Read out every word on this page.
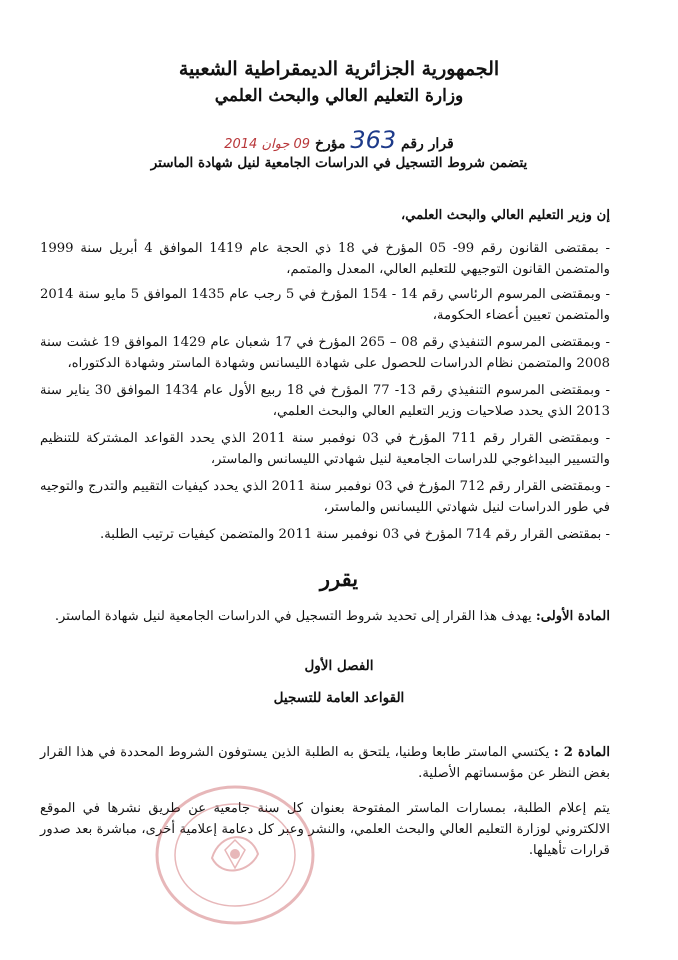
الجمهورية الجزائرية الديمقراطية الشعبية
وزارة التعليم العالي والبحث العلمي
قرار رقم 363 مؤرخ 09 جوان 2014
يتضمن شروط التسجيل في الدراسات الجامعية لنيل شهادة الماستر
إن وزير التعليم العالي والبحث العلمي،
- بمقتضى القانون رقم 99- 05 المؤرخ في 18 ذي الحجة عام 1419 الموافق 4 أبريل سنة 1999 والمتضمن القانون التوجيهي للتعليم العالي، المعدل والمتمم،
- وبمقتضى المرسوم الرئاسي رقم 14 - 154 المؤرخ في 5 رجب عام 1435 الموافق 5 مايو سنة 2014 والمتضمن تعيين أعضاء الحكومة،
- وبمقتضى المرسوم التنفيذي رقم 08 – 265 المؤرخ في 17 شعبان عام 1429 الموافق 19 غشت سنة 2008 والمتضمن نظام الدراسات للحصول على شهادة الليسانس وشهادة الماستر وشهادة الدكتوراه،
- وبمقتضى المرسوم التنفيذي رقم 13- 77 المؤرخ في 18 ربيع الأول عام 1434 الموافق 30 يناير سنة 2013 الذي يحدد صلاحيات وزير التعليم العالي والبحث العلمي،
- وبمقتضى القرار رقم 711 المؤرخ في 03 نوفمبر سنة 2011 الذي يحدد القواعد المشتركة للتنظيم والتسيير البيداغوجي للدراسات الجامعية لنيل شهادتي الليسانس والماستر،
- وبمقتضى القرار رقم 712 المؤرخ في 03 نوفمبر سنة 2011 الذي يحدد كيفيات التقييم والتدرج والتوجيه في طور الدراسات لنيل شهادتي الليسانس والماستر،
- بمقتضى القرار رقم 714 المؤرخ في 03 نوفمبر سنة 2011 والمتضمن كيفيات ترتيب الطلبة.
يقرر
المادة الأولى: يهدف هذا القرار إلى تحديد شروط التسجيل في الدراسات الجامعية لنيل شهادة الماستر.
الفصل الأول
القواعد العامة للتسجيل
المادة 2 : يكتسي الماستر طابعا وطنيا، يلتحق به الطلبة الذين يستوفون الشروط المحددة في هذا القرار بغض النظر عن مؤسساتهم الأصلية.
يتم إعلام الطلبة، بمسارات الماستر المفتوحة بعنوان كل سنة جامعية عن طريق نشرها في الموقع الالكتروني لوزارة التعليم العالي والبحث العلمي، والنشر وعبر كل دعامة إعلامية أخرى، مباشرة بعد صدور قرارات تأهيلها.
